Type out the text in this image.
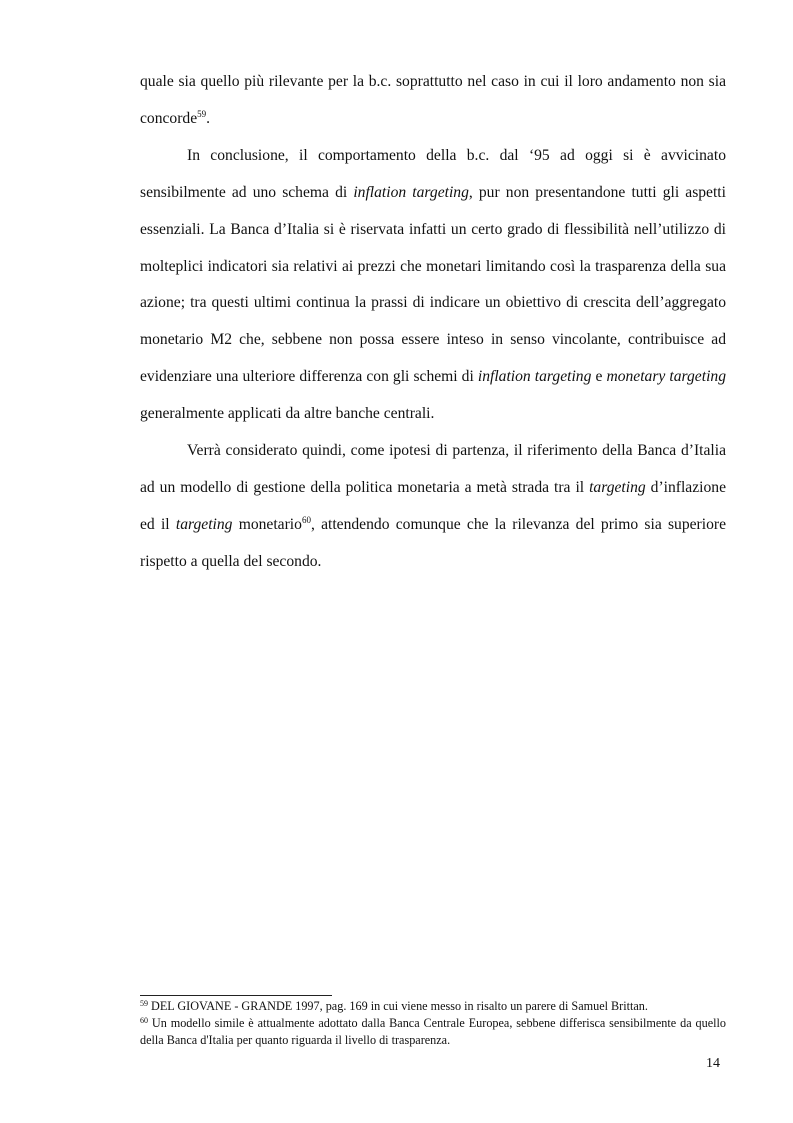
quale sia quello più rilevante per la b.c. soprattutto nel caso in cui il loro andamento non sia concorde$^{59}$.

In conclusione, il comportamento della b.c. dal ‘95 ad oggi si è avvicinato sensibilmente ad uno schema di inflation targeting, pur non presentandone tutti gli aspetti essenziali. La Banca d’Italia si è riservata infatti un certo grado di flessibilità nell’utilizzo di molteplici indicatori sia relativi ai prezzi che monetari limitando così la trasparenza della sua azione; tra questi ultimi continua la prassi di indicare un obiettivo di crescita dell’aggregato monetario M2 che, sebbene non possa essere inteso in senso vincolante, contribuisce ad evidenziare una ulteriore differenza con gli schemi di inflation targeting e monetary targeting generalmente applicati da altre banche centrali.

Verrà considerato quindi, come ipotesi di partenza, il riferimento della Banca d’Italia ad un modello di gestione della politica monetaria a metà strada tra il targeting d’inflazione ed il targeting monetario$^{60}$, attendendo comunque che la rilevanza del primo sia superiore rispetto a quella del secondo.

$^{59}$ DEL GIOVANE - GRANDE 1997, pag. 169 in cui viene messo in risalto un parere di Samuel Brittan.

$^{60}$ Un modello simile è attualmente adottato dalla Banca Centrale Europea, sebbene differisca sensibilmente da quello della Banca d'Italia per quanto riguarda il livello di trasparenza.

14
